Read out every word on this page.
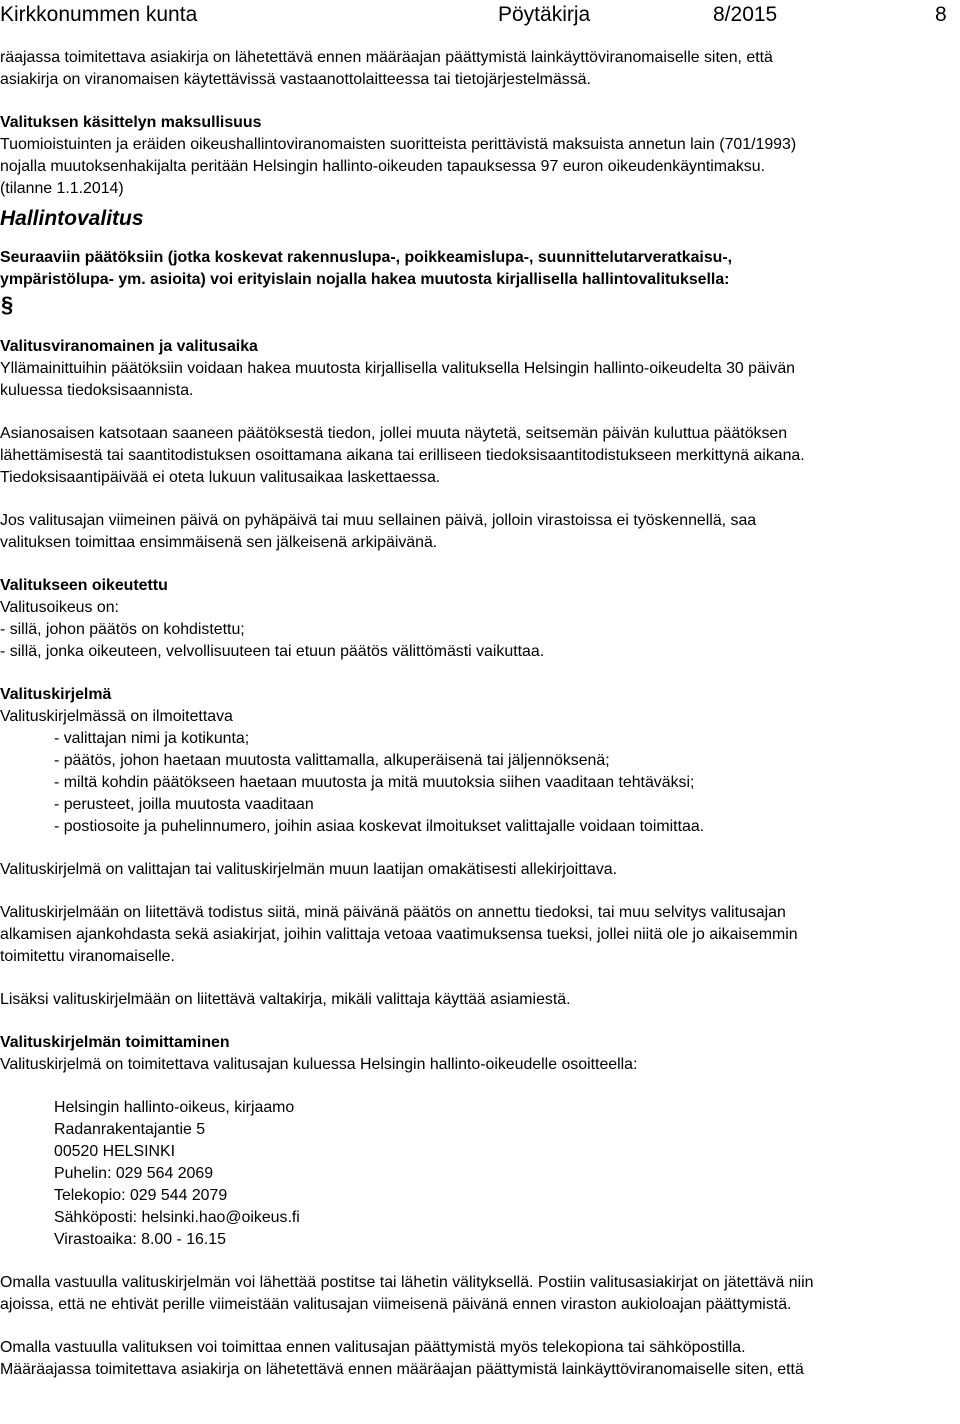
Kirkkonummen kunta	Pöytäkirja	8/2015	8

räajassa toimitettava asiakirja on lähetettävä ennen määräajan päättymistä lainkäyttöviranomaiselle siten, että

asiakirja on viranomaisen käytettävissä vastaanottolaitteessa tai tietojärjestelmässä.

Valituksen käsittelyn maksullisuus

Tuomioistuinten ja eräiden oikeushallintoviranomaisten suoritteista perittävistä maksuista annetun lain (701/1993)

nojalla muutoksenhakijalta peritään Helsingin hallinto-oikeuden tapauksessa 97 euron oikeudenkäyntimaksu.

(tilanne 1.1.2014)

Hallintovalitus

Seuraaviin päätöksiin (jotka koskevat rakennuslupa-, poikkeamislupa-, suunnittelutarveratkaisu-,

ympäristölupa- ym. asioita) voi erityislain nojalla hakea muutosta kirjallisella hallintovalituksella:

§

Valitusviranomainen ja valitusaika

Yllämainittuihin päätöksiin voidaan hakea muutosta kirjallisella valituksella Helsingin hallinto-oikeudelta 30 päivän

kuluessa tiedoksisaannista.

Asianosaisen katsotaan saaneen päätöksestä tiedon, jollei muuta näytetä, seitsemän päivän kuluttua päätöksen

lähettämisestä tai saantitodistuksen osoittamana aikana tai erilliseen tiedoksisaantitodistukseen merkittynä aikana.

Tiedoksisaantipäivää ei oteta lukuun valitusaikaa laskettaessa.

Jos valitusajan viimeinen päivä on pyhäpäivä tai muu sellainen päivä, jolloin virastoissa ei työskennellä, saa

valituksen toimittaa ensimmäisenä sen jälkeisenä arkipäivänä.

Valitukseen oikeutettu

Valitusoikeus on:

- sillä, johon päätös on kohdistettu;

- sillä, jonka oikeuteen, velvollisuuteen tai etuun päätös välittömästi vaikuttaa.

Valituskirjelmä

Valituskirjelmässä on ilmoitettava

- valittajan nimi ja kotikunta;

- päätös, johon haetaan muutosta valittamalla, alkuperäisenä tai jäljennöksenä;

- miltä kohdin päätökseen haetaan muutosta ja mitä muutoksia siihen vaaditaan tehtäväksi;

- perusteet, joilla muutosta vaaditaan

- postiosoite ja puhelinnumero, joihin asiaa koskevat ilmoitukset valittajalle voidaan toimittaa.

Valituskirjelmä on valittajan tai valituskirjelmän muun laatijan omakätisesti allekirjoittava.

Valituskirjelmään on liitettävä todistus siitä, minä päivänä päätös on annettu tiedoksi, tai muu selvitys valitusajan

alkamisen ajankohdasta sekä asiakirjat, joihin valittaja vetoaa vaatimuksensa tueksi, jollei niitä ole jo aikaisemmin

toimitettu viranomaiselle.

Lisäksi valituskirjelmään on liitettävä valtakirja, mikäli valittaja käyttää asiamiestä.

Valituskirjelmän toimittaminen

Valituskirjelmä on toimitettava valitusajan kuluessa Helsingin hallinto-oikeudelle osoitteella:

Helsingin hallinto-oikeus, kirjaamo

Radanrakentajantie 5

00520 HELSINKI

Puhelin: 029 564 2069

Telekopio: 029 544 2079

Sähköposti: helsinki.hao@oikeus.fi

Virastoaika: 8.00 - 16.15

Omalla vastuulla valituskirjelmän voi lähettää postitse tai lähetin välityksellä. Postiin valitusasiakirjat on jätettävä niin

ajoissa, että ne ehtivät perille viimeistään valitusajan viimeisenä päivänä ennen viraston aukioloajan päättymistä.

Omalla vastuulla valituksen voi toimittaa ennen valitusajan päättymistä myös telekopiona tai sähköpostilla.

Määräajassa toimitettava asiakirja on lähetettävä ennen määräajan päättymistä lainkäyttöviranomaiselle siten, että
